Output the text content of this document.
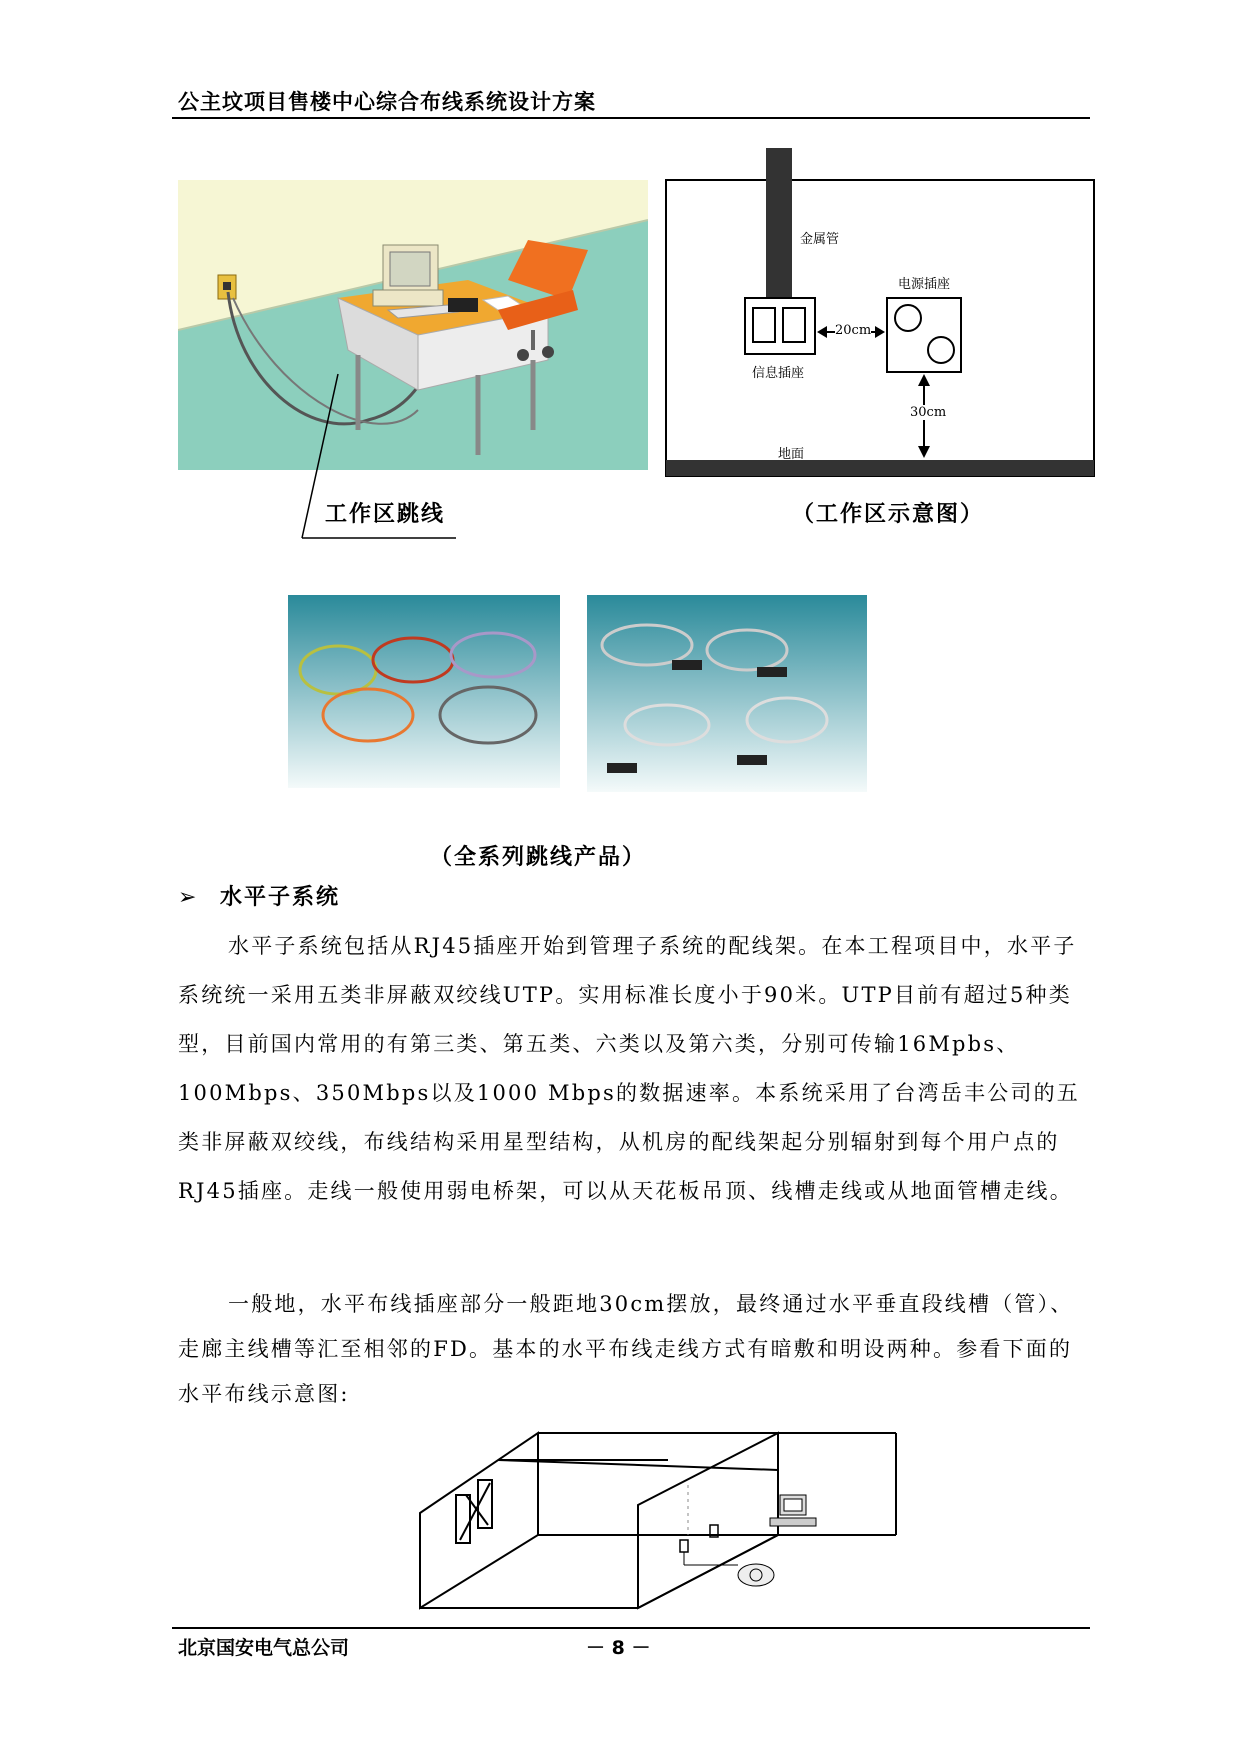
公主坟项目售楼中心综合布线系统设计方案
金属管
电源插座
20cm
信息插座
30cm
地面
工作区跳线	（工作区示意图）
（全系列跳线产品）
➢ 水平子系统

水平子系统包括从RJ45插座开始到管理子系统的配线架。在本工程项目中，水平子系统统一采用五类非屏蔽双绞线UTP。实用标准长度小于90米。UTP目前有超过5种类型，目前国内常用的有第三类、第五类、六类以及第六类，分别可传输16Mpbs、100Mbps、350Mbps以及1000 Mbps的数据速率。本系统采用了台湾岳丰公司的五类非屏蔽双绞线，布线结构采用星型结构，从机房的配线架起分别辐射到每个用户点的RJ45插座。走线一般使用弱电桥架，可以从天花板吊顶、线槽走线或从地面管槽走线。

一般地，水平布线插座部分一般距地30cm摆放，最终通过水平垂直段线槽（管）、走廊主线槽等汇至相邻的FD。基本的水平布线走线方式有暗敷和明设两种。参看下面的水平布线示意图:

北京国安电气总公司	－ 8 －
